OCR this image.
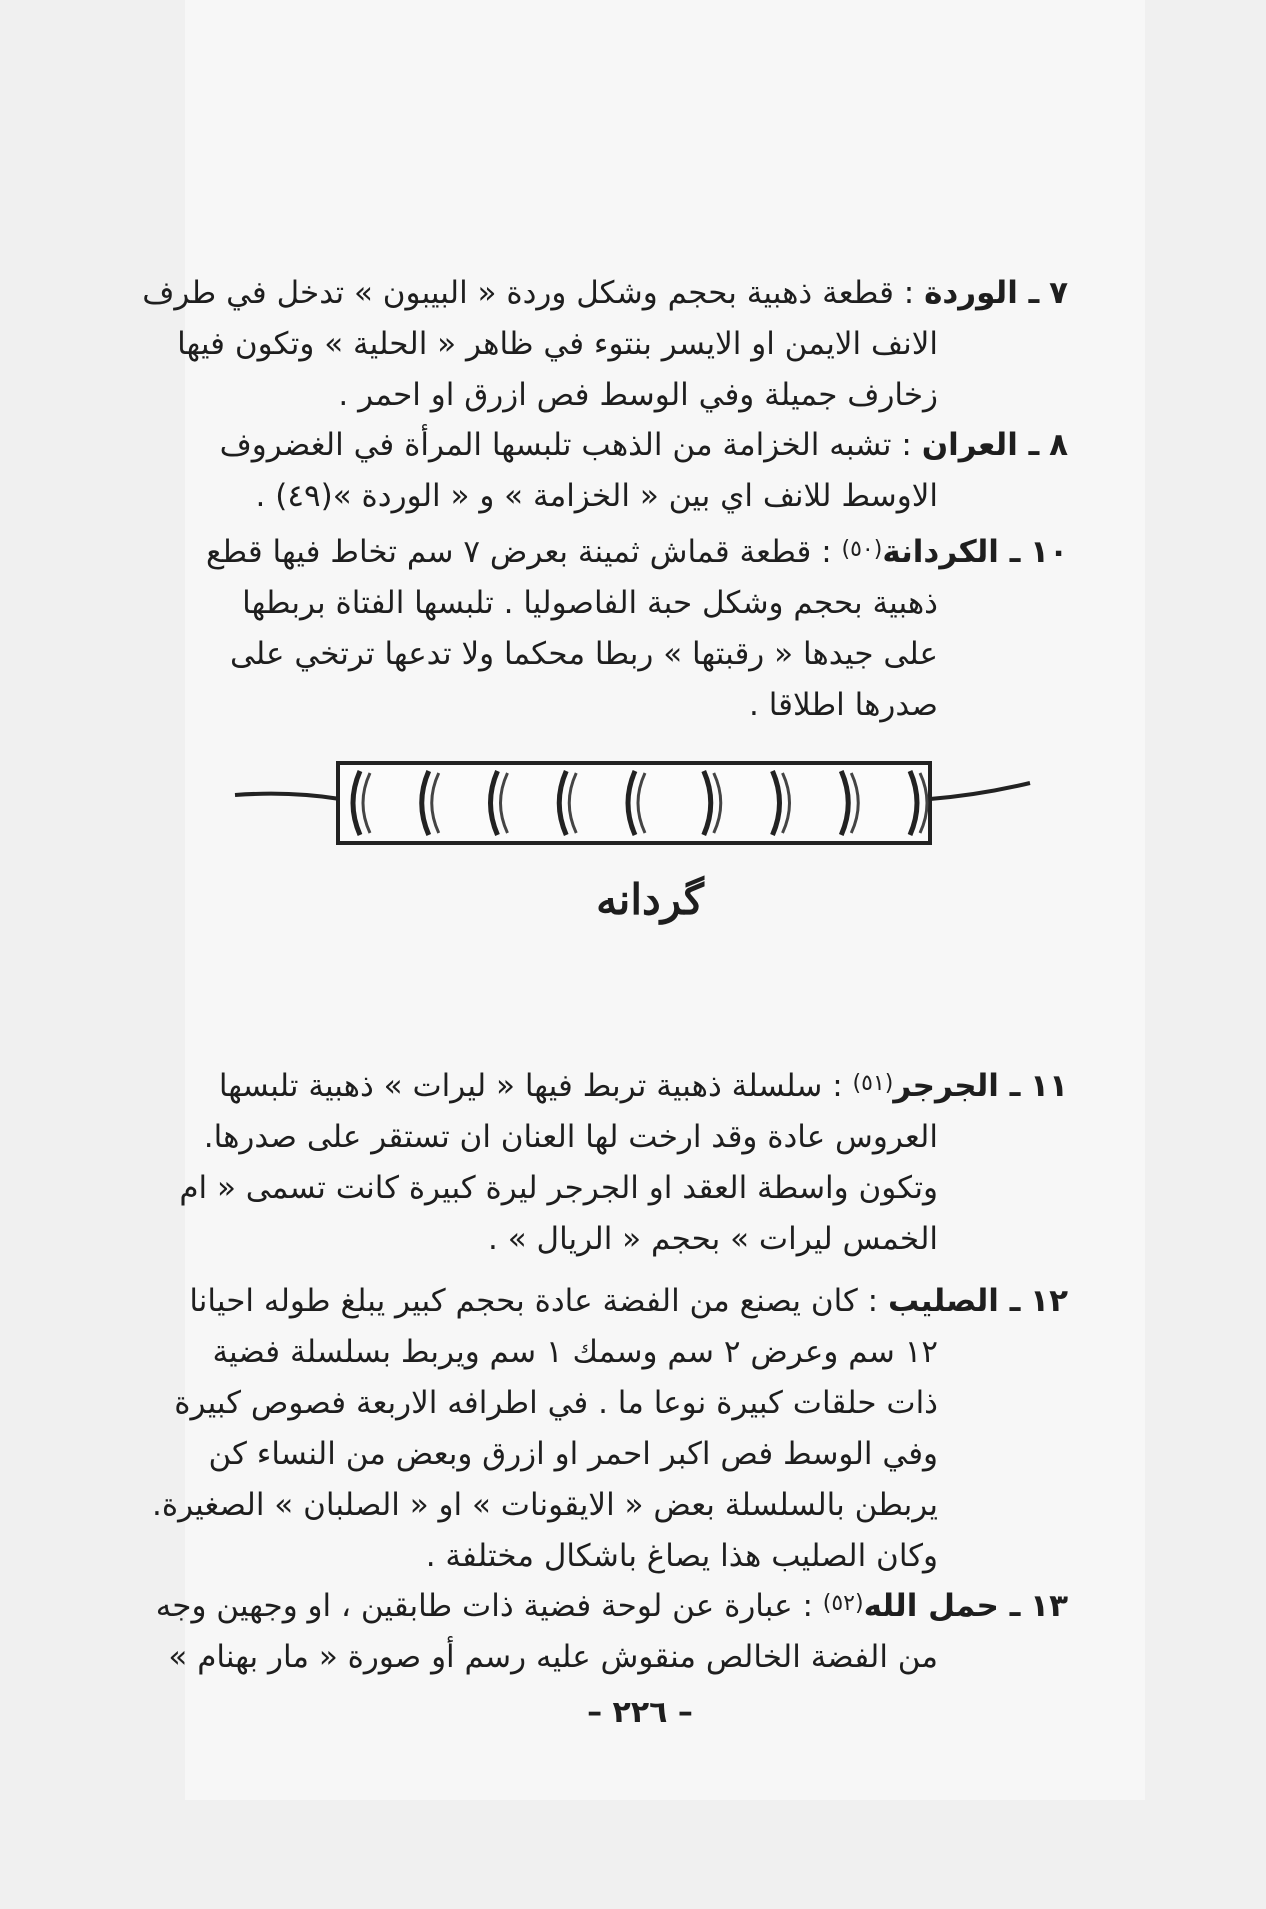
٧ ـ الوردة : قطعة ذهبية بحجم وشكل وردة « البيبون » تدخل في طرف
الانف الايمن او الايسر بنتوء في ظاهر « الحلية » وتكون فيها
زخارف جميلة وفي الوسط فص ازرق او احمر .
٨ ـ العران : تشبه الخزامة من الذهب تلبسها المرأة في الغضروف
الاوسط للانف اي بين « الخزامة » و « الوردة »(٤٩) .
١٠ ـ الكردانة(٥٠) : قطعة قماش ثمينة بعرض ٧ سم تخاط فيها قطع
ذهبية بحجم وشكل حبة الفاصوليا . تلبسها الفتاة بربطها
على جيدها « رقبتها » ربطا محكما ولا تدعها ترتخي على
صدرها اطلاقا .
گردانه
١١ ـ الجرجر(٥١) : سلسلة ذهبية تربط فيها « ليرات » ذهبية تلبسها
العروس عادة وقد ارخت لها العنان ان تستقر على صدرها.
وتكون واسطة العقد او الجرجر ليرة كبيرة كانت تسمى « ام
الخمس ليرات » بحجم « الريال » .
١٢ ـ الصليب : كان يصنع من الفضة عادة بحجم كبير يبلغ طوله احيانا
١٢ سم وعرض ٢ سم وسمك ١ سم ويربط بسلسلة فضية
ذات حلقات كبيرة نوعا ما . في اطرافه الاربعة فصوص كبيرة
وفي الوسط فص اكبر احمر او ازرق وبعض من النساء كن
يربطن بالسلسلة بعض « الايقونات » او « الصلبان » الصغيرة.
وكان الصليب هذا يصاغ باشكال مختلفة .
١٣ ـ حمل الله(٥٢) : عبارة عن لوحة فضية ذات طابقين ، او وجهين وجه
من الفضة الخالص منقوش عليه رسم أو صورة « مار بهنام »
– ٢٢٦ –
